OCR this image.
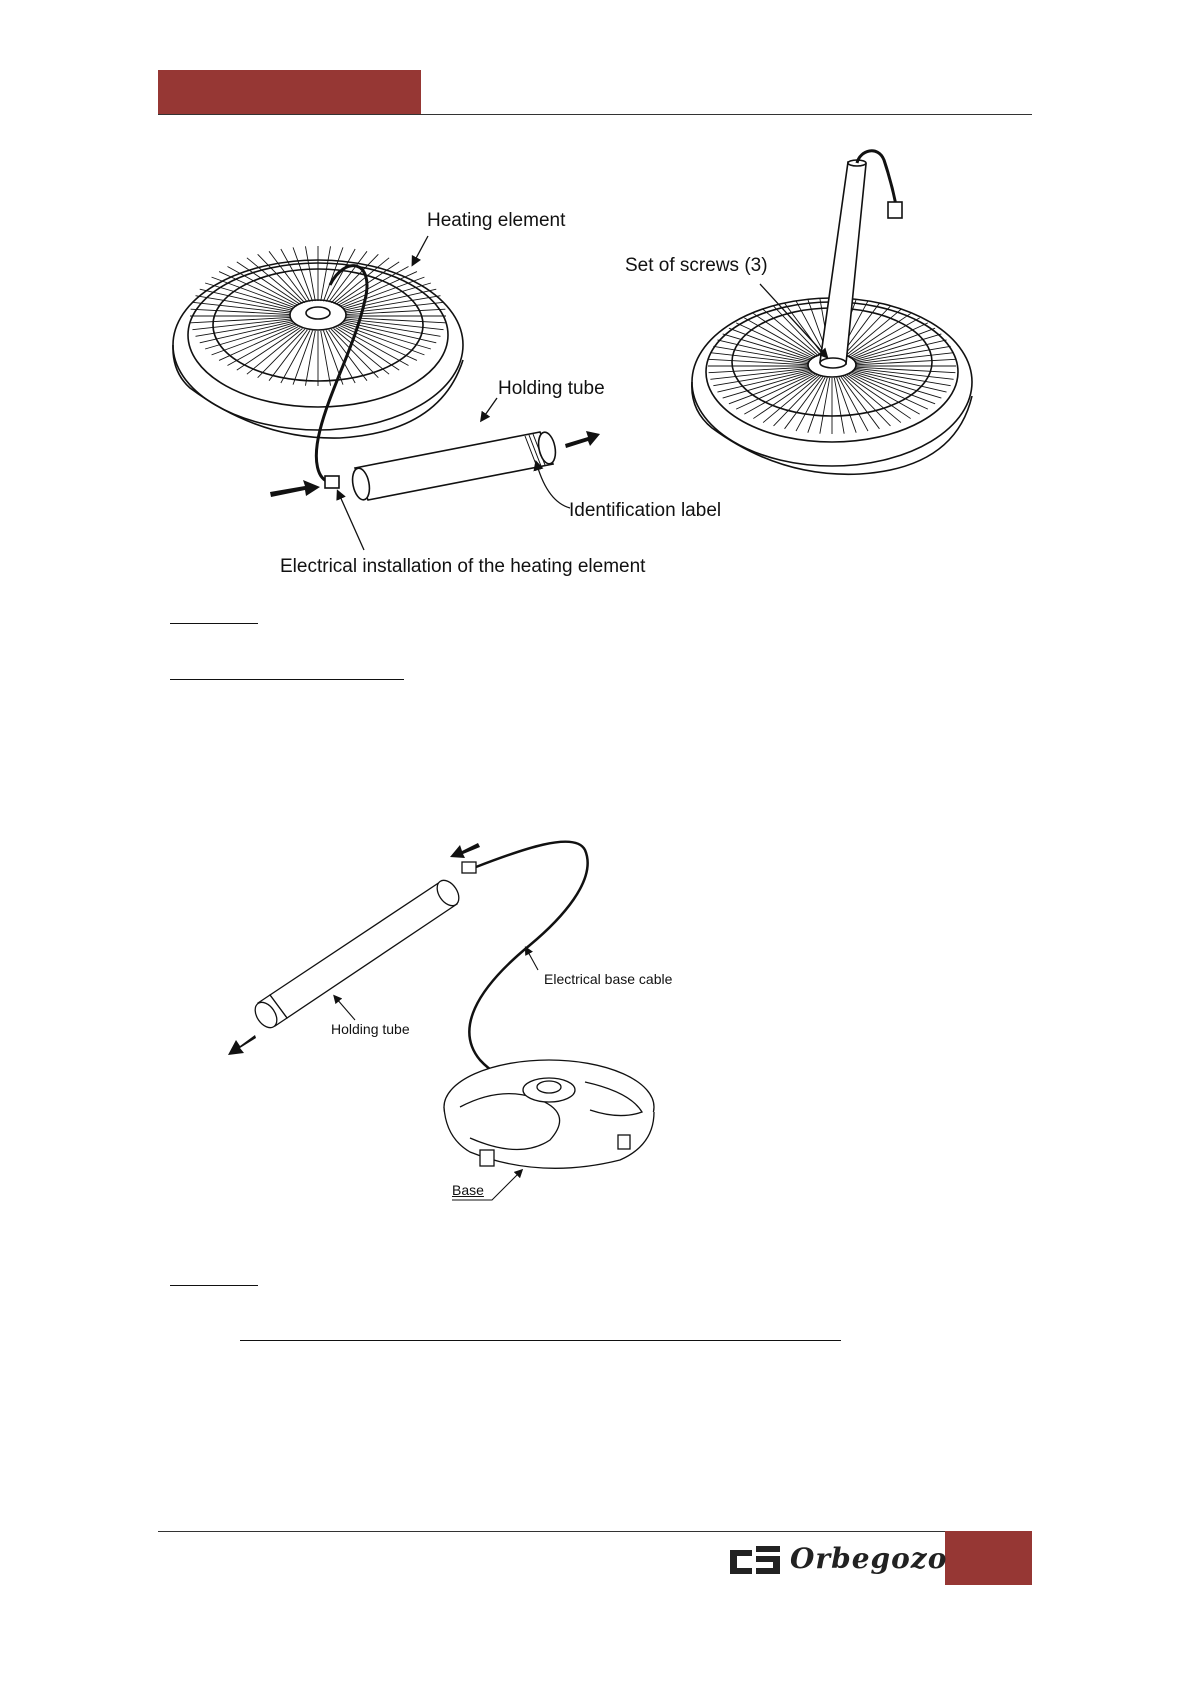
Heating element
Holding tube
Identification label
Electrical installation of the heating element
Set of screws (3)
Electrical base cable
Holding tube
Base
Orbegozo
